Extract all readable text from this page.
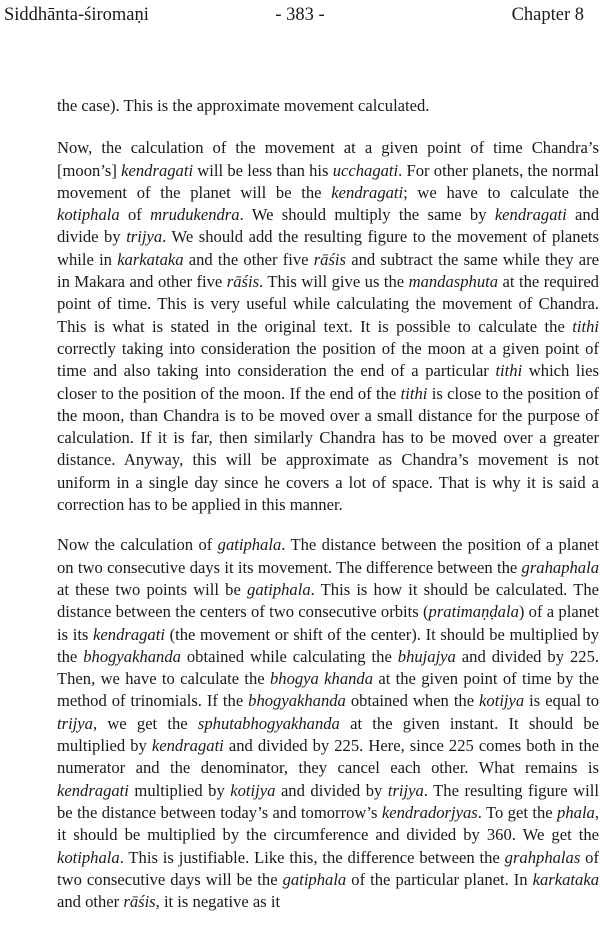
Siddhānta-śiromaṇi	- 383 -	Chapter 8

the case). This is the approximate movement calculated.

Now, the calculation of the movement at a given point of time Chandra’s [moon’s] kendragati will be less than his ucchagati. For other planets, the normal movement of the planet will be the kendragati; we have to calculate the kotiphala of mrudukendra. We should multiply the same by kendragati and divide by trijya. We should add the resulting figure to the movement of planets while in karkataka and the other five rāśis and subtract the same while they are in Makara and other five rāśis. This will give us the mandasphuta at the required point of time. This is very useful while calculating the movement of Chandra. This is what is stated in the original text. It is possible to calculate the tithi correctly taking into consideration the position of the moon at a given point of time and also taking into consideration the end of a particular tithi which lies closer to the position of the moon. If the end of the tithi is close to the position of the moon, than Chandra is to be moved over a small distance for the purpose of calculation. If it is far, then similarly Chandra has to be moved over a greater distance. Anyway, this will be approximate as Chandra’s movement is not uniform in a single day since he covers a lot of space. That is why it is said a correction has to be applied in this manner.

Now the calculation of gatiphala. The distance between the position of a planet on two consecutive days it its movement. The difference between the grahaphala at these two points will be gatiphala. This is how it should be calculated. The distance between the centers of two consecutive orbits (pratimaṇḍala) of a planet is its kendragati (the movement or shift of the center). It should be multiplied by the bhogyakhanda obtained while calculating the bhujajya and divided by 225. Then, we have to calculate the bhogya khanda at the given point of time by the method of trinomials. If the bhogyakhanda obtained when the kotijya is equal to trijya, we get the sphutabhogyakhanda at the given instant. It should be multiplied by kendragati and divided by 225. Here, since 225 comes both in the numerator and the denominator, they cancel each other. What remains is kendragati multiplied by kotijya and divided by trijya. The resulting figure will be the distance between today’s and tomorrow’s kendradorjyas. To get the phala, it should be multiplied by the circumference and divided by 360. We get the kotiphala. This is justifiable. Like this, the difference between the grahphalas of two consecutive days will be the gatiphala of the particular planet. In karkataka and other rāśis, it is negative as it
